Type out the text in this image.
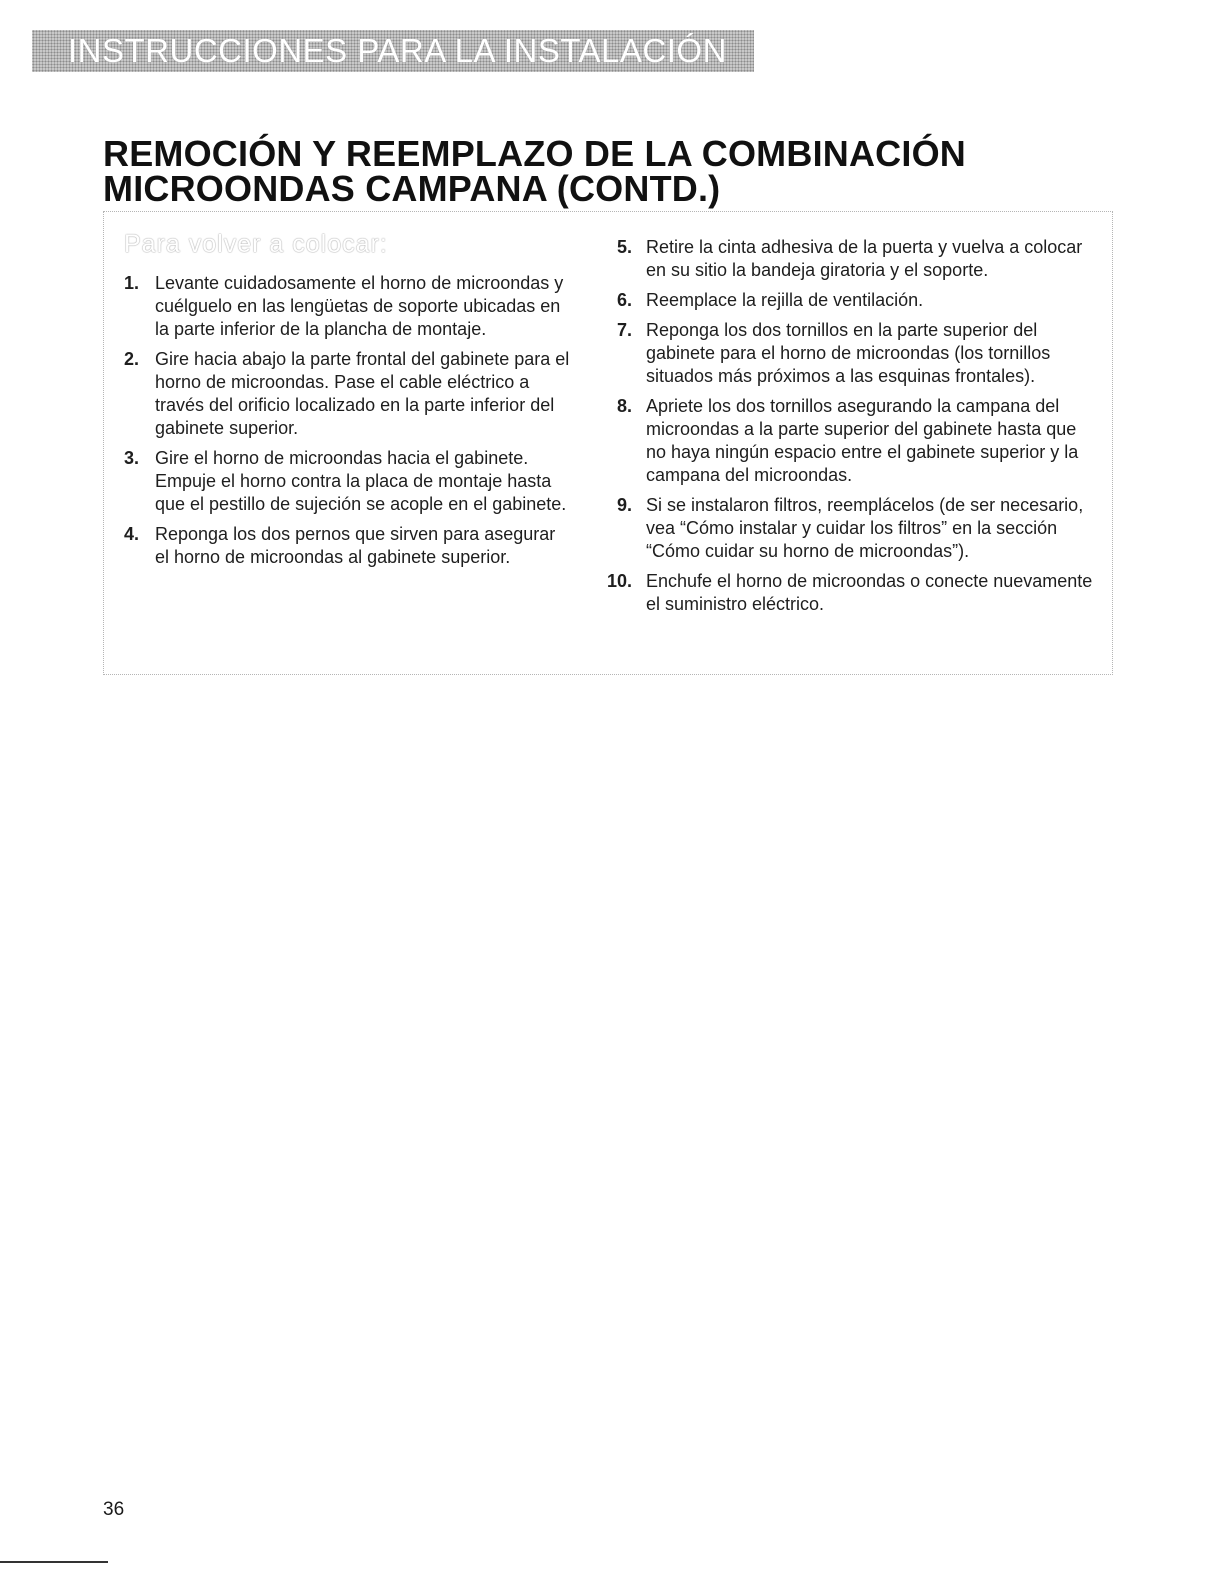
INSTRUCCIONES PARA LA INSTALACIÓN
REMOCIÓN Y REEMPLAZO DE LA COMBINACIÓN
MICROONDAS CAMPANA (CONTD.)
Para volver a colocar:
1. Levante cuidadosamente el horno de microondas y cuélguelo en las lengüetas de soporte ubicadas en la parte inferior de la plancha de montaje.
2. Gire hacia abajo la parte frontal del gabinete para el horno de microondas. Pase el cable eléctrico a través del orificio localizado en la parte inferior del gabinete superior.
3. Gire el horno de microondas hacia el gabinete. Empuje el horno contra la placa de montaje hasta que el pestillo de sujeción se acople en el gabinete.
4. Reponga los dos pernos que sirven para asegurar el horno de microondas al gabinete superior.
5. Retire la cinta adhesiva de la puerta y vuelva a colocar en su sitio la bandeja giratoria y el soporte.
6. Reemplace la rejilla de ventilación.
7. Reponga los dos tornillos en la parte superior del gabinete para el horno de microondas (los tornillos situados más próximos a las esquinas frontales).
8. Apriete los dos tornillos asegurando la campana del microondas a la parte superior del gabinete hasta que no haya ningún espacio entre el gabinete superior y la campana del microondas.
9. Si se instalaron filtros, reemplácelos (de ser necesario, vea “Cómo instalar y cuidar los filtros” en la sección “Cómo cuidar su horno de microondas”).
10. Enchufe el horno de microondas o conecte nuevamente el suministro eléctrico.
36
